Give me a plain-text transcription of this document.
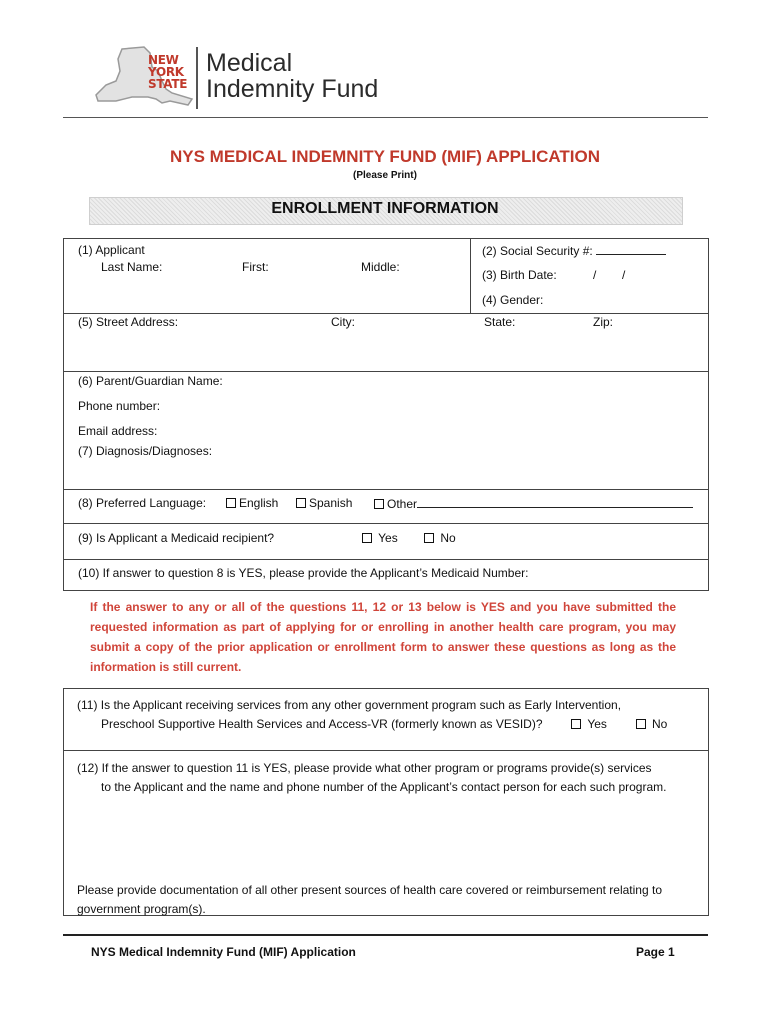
NEW
YORK
STATE
Medical
Indemnity Fund
NYS MEDICAL INDEMNITY FUND (MIF) APPLICATION
(Please Print)
ENROLLMENT INFORMATION
(1) Applicant
Last Name:	First:	Middle:
(2) Social Security #:
(3) Birth Date:	/ /
(4) Gender:
(5) Street Address:	City:	State:	Zip:
(6) Parent/Guardian Name:
Phone number:
Email address:
(7) Diagnosis/Diagnoses:
(8) Preferred Language:	English	Spanish	Other
(9) Is Applicant a Medicaid recipient?	Yes	No
(10) If answer to question 8 is YES, please provide the Applicant’s Medicaid Number:
If the answer to any or all of the questions 11, 12 or 13 below is YES and you have submitted the requested information as part of applying for or enrolling in another health care program, you may submit a copy of the prior application or enrollment form to answer these questions as long as the information is still current.
(11) Is the Applicant receiving services from any other government program such as Early Intervention,
Preschool Supportive Health Services and Access-VR (formerly known as VESID)?	Yes	No
(12) If the answer to question 11 is YES, please provide what other program or programs provide(s) services
to the Applicant and the name and phone number of the Applicant’s contact person for each such program.
Please provide documentation of all other present sources of health care covered or reimbursement relating to government program(s).
NYS Medical Indemnity Fund (MIF) Application	Page 1
